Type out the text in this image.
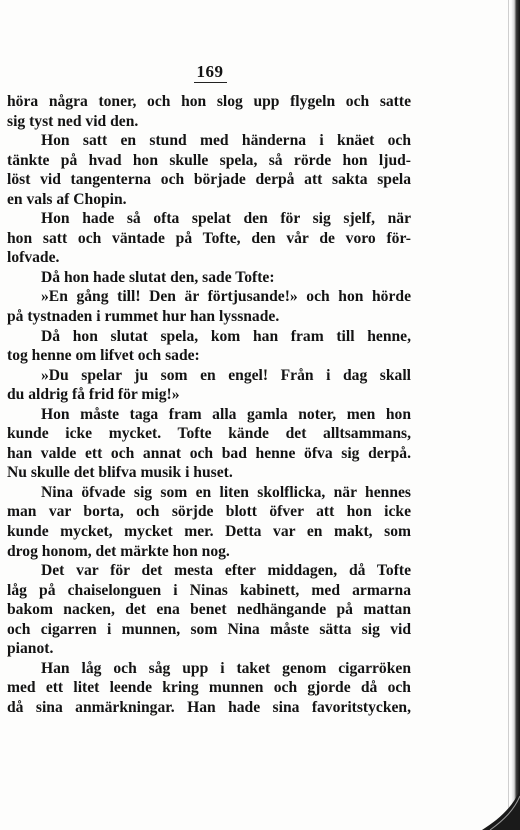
169
höra några toner, och hon slog upp flygeln och satte
sig tyst ned vid den.
Hon satt en stund med händerna i knäet och
tänkte på hvad hon skulle spela, så rörde hon ljud-
löst vid tangenterna och började derpå att sakta spela
en vals af Chopin.
Hon hade så ofta spelat den för sig sjelf, när
hon satt och väntade på Tofte, den vår de voro för-
lofvade.
Då hon hade slutat den, sade Tofte:
»En gång till! Den är förtjusande!» och hon hörde
på tystnaden i rummet hur han lyssnade.
Då hon slutat spela, kom han fram till henne,
tog henne om lifvet och sade:
»Du spelar ju som en engel! Från i dag skall
du aldrig få frid för mig!»
Hon måste taga fram alla gamla noter, men hon
kunde icke mycket. Tofte kände det alltsammans,
han valde ett och annat och bad henne öfva sig derpå.
Nu skulle det blifva musik i huset.
Nina öfvade sig som en liten skolflicka, när hennes
man var borta, och sörjde blott öfver att hon icke
kunde mycket, mycket mer. Detta var en makt, som
drog honom, det märkte hon nog.
Det var för det mesta efter middagen, då Tofte
låg på chaiselonguen i Ninas kabinett, med armarna
bakom nacken, det ena benet nedhängande på mattan
och cigarren i munnen, som Nina måste sätta sig vid
pianot.
Han låg och såg upp i taket genom cigarröken
med ett litet leende kring munnen och gjorde då och
då sina anmärkningar. Han hade sina favoritstycken,
